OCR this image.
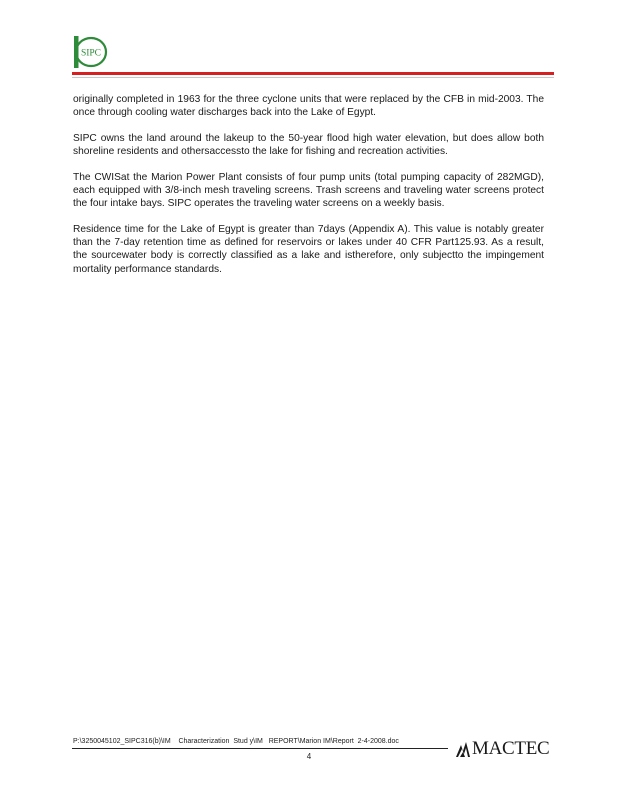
SIPC

originally completed in 1963 for the three cyclone units that were replaced by the CFB in mid-2003. The once through cooling water discharges back into the Lake of Egypt.

SIPC owns the land around the lakeup to the 50-year flood high water elevation, but does allow both shoreline residents and othersaccessto the lake for fishing and recreation activities.

The CWISat the Marion Power Plant consists of four pump units (total pumping capacity of 282MGD), each equipped with 3/8-inch mesh traveling screens. Trash screens and traveling water screens protect the four intake bays. SIPC operates the traveling water screens on a weekly basis.

Residence time for the Lake of Egypt is greater than 7days (Appendix A). This value is notably greater than the 7-day retention time as defined for reservoirs or lakes under 40 CFR Part125.93. As a result, the sourcewater body is correctly classified as a lake and istherefore, only subjectto the impingement mortality performance standards.

P:\3250045102_SIPC316(b)\IM    Characterization  Stud y\IM   REPORT\Marion IM\Report  2-4-2008.doc
4	MACTEC
